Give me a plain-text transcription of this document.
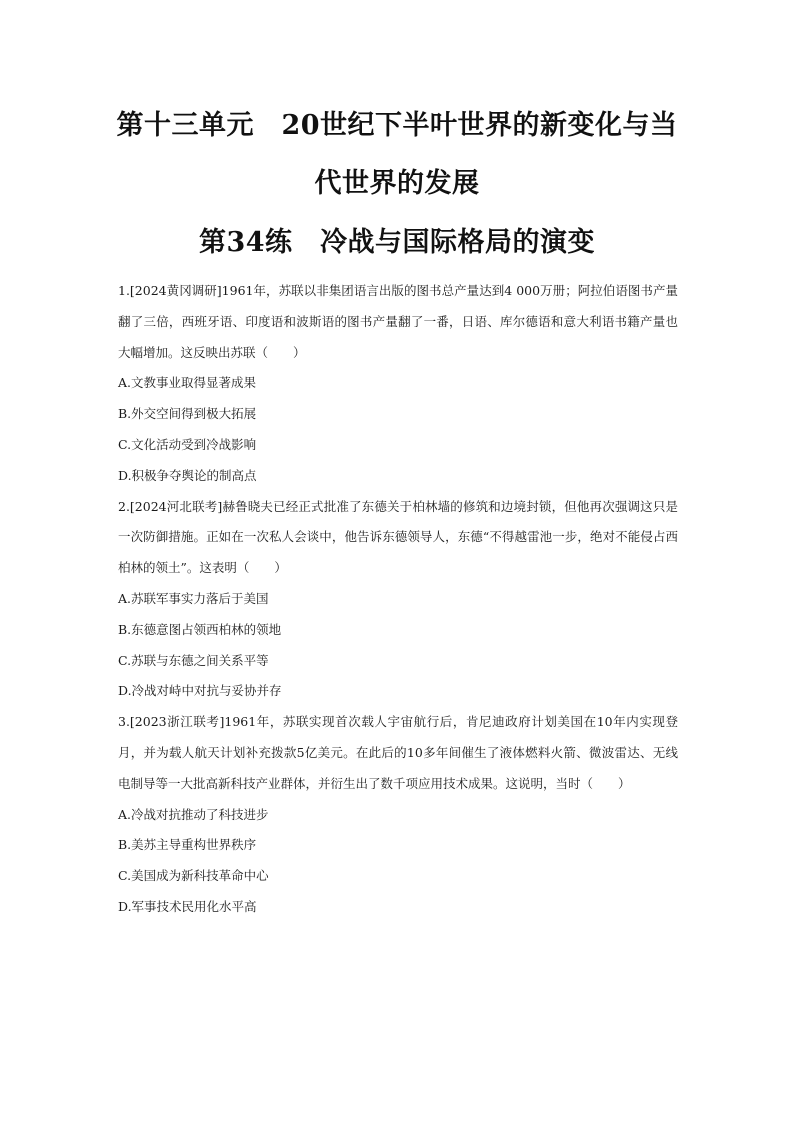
第十三单元　20世纪下半叶世界的新变化与当
代世界的发展
第34练　冷战与国际格局的演变

1.[2024黄冈调研]1961年，苏联以非集团语言出版的图书总产量达到4 000万册；阿拉伯语图书产量翻了三倍，西班牙语、印度语和波斯语的图书产量翻了一番，日语、库尔德语和意大利语书籍产量也大幅增加。这反映出苏联（　　）

A.文教事业取得显著成果

B.外交空间得到极大拓展

C.文化活动受到冷战影响

D.积极争夺舆论的制高点

2.[2024河北联考]赫鲁晓夫已经正式批准了东德关于柏林墙的修筑和边境封锁，但他再次强调这只是一次防御措施。正如在一次私人会谈中，他告诉东德领导人，东德“不得越雷池一步，绝对不能侵占西柏林的领土”。这表明（　　）

A.苏联军事实力落后于美国

B.东德意图占领西柏林的领地

C.苏联与东德之间关系平等

D.冷战对峙中对抗与妥协并存

3.[2023浙江联考]1961年，苏联实现首次载人宇宙航行后，肯尼迪政府计划美国在10年内实现登月，并为载人航天计划补充拨款5亿美元。在此后的10多年间催生了液体燃料火箭、微波雷达、无线电制导等一大批高新科技产业群体，并衍生出了数千项应用技术成果。这说明，当时（　　）

A.冷战对抗推动了科技进步

B.美苏主导重构世界秩序

C.美国成为新科技革命中心

D.军事技术民用化水平高
